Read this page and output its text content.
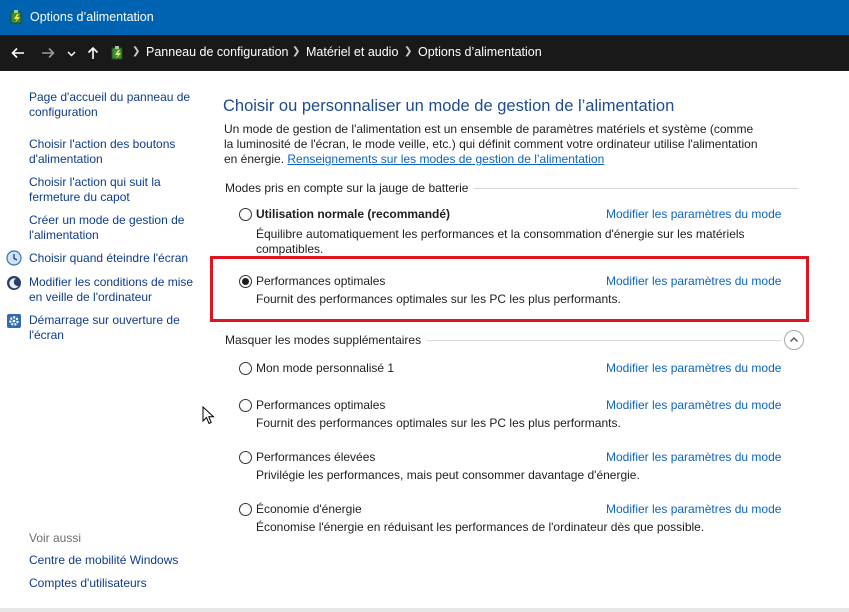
Options d’alimentation
❯ Panneau de configuration ❯ Matériel et audio ❯ Options d’alimentation
Page d'accueil du panneau de configuration
Choisir l'action des boutons d'alimentation
Choisir l'action qui suit la fermeture du capot
Créer un mode de gestion de l'alimentation
Choisir quand éteindre l'écran
Modifier les conditions de mise en veille de l'ordinateur
Démarrage sur ouverture de l'écran
Voir aussi
Centre de mobilité Windows
Comptes d'utilisateurs
Choisir ou personnaliser un mode de gestion de l’alimentation
Un mode de gestion de l'alimentation est un ensemble de paramètres matériels et système (comme la luminosité de l'écran, le mode veille, etc.) qui définit comment votre ordinateur utilise l'alimentation en énergie. Renseignements sur les modes de gestion de l’alimentation
Modes pris en compte sur la jauge de batterie
Utilisation normale (recommandé)	Modifier les paramètres du mode
Équilibre automatiquement les performances et la consommation d'énergie sur les matériels compatibles.
Performances optimales	Modifier les paramètres du mode
Fournit des performances optimales sur les PC les plus performants.
Masquer les modes supplémentaires
Mon mode personnalisé 1	Modifier les paramètres du mode
Performances optimales	Modifier les paramètres du mode
Fournit des performances optimales sur les PC les plus performants.
Performances élevées	Modifier les paramètres du mode
Privilégie les performances, mais peut consommer davantage d'énergie.
Économie d'énergie	Modifier les paramètres du mode
Économise l'énergie en réduisant les performances de l'ordinateur dès que possible.
